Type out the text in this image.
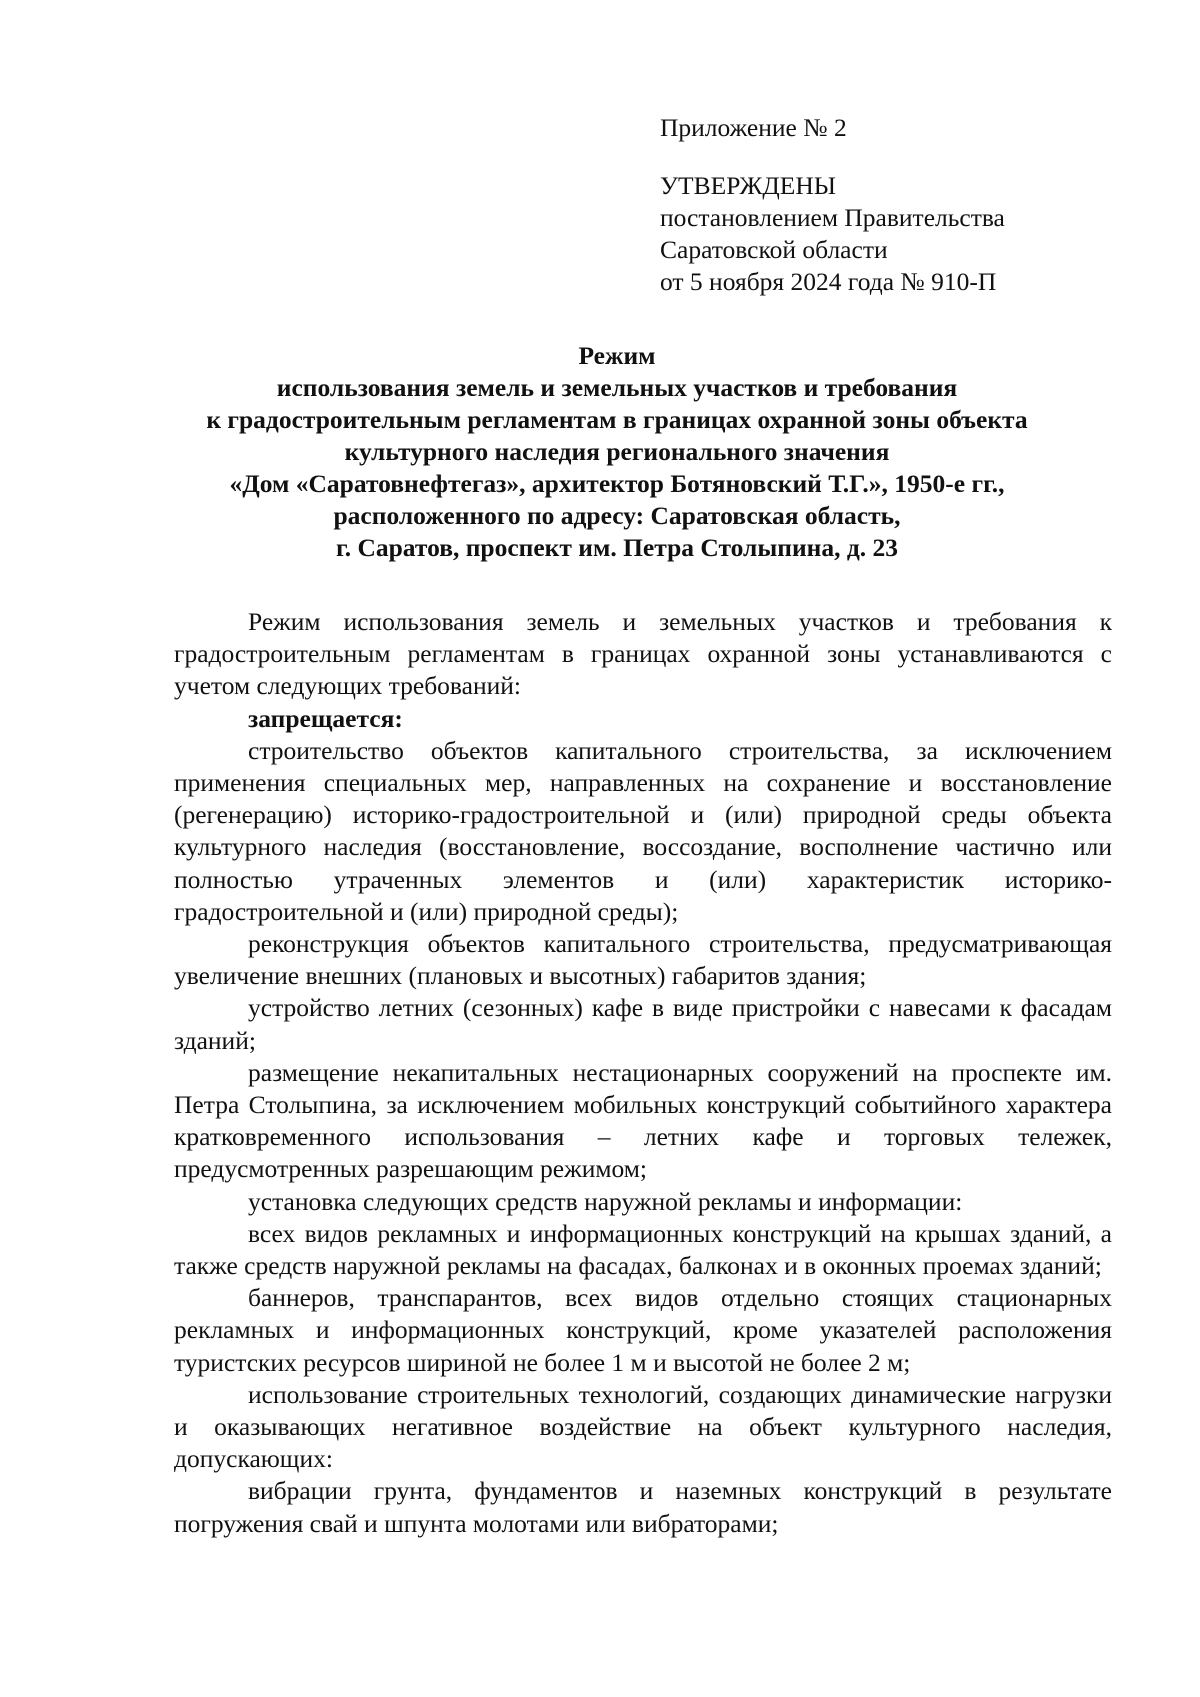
Приложение № 2
УТВЕРЖДЕНЫ
постановлением Правительства
Саратовской области
от 5 ноября 2024 года № 910-П
Режим
использования земель и земельных участков и требования
к градостроительным регламентам в границах охранной зоны объекта
культурного наследия регионального значения
«Дом «Саратовнефтегаз», архитектор Ботяновский Т.Г.», 1950-е гг.,
расположенного по адресу: Саратовская область,
г. Саратов, проспект им. Петра Столыпина, д. 23

Режим использования земель и земельных участков и требования к градостроительным регламентам в границах охранной зоны устанавливаются с учетом следующих требований:

запрещается:

строительство объектов капитального строительства, за исключением применения специальных мер, направленных на сохранение и восстановление (регенерацию) историко-градостроительной и (или) природной среды объекта культурного наследия (восстановление, воссоздание, восполнение частично или полностью утраченных элементов и (или) характеристик историко-градостроительной и (или) природной среды);

реконструкция объектов капитального строительства, предусматривающая увеличение внешних (плановых и высотных) габаритов здания;

устройство летних (сезонных) кафе в виде пристройки с навесами к фасадам зданий;

размещение некапитальных нестационарных сооружений на проспекте им. Петра Столыпина, за исключением мобильных конструкций событийного характера кратковременного использования – летних кафе и торговых тележек, предусмотренных разрешающим режимом;

установка следующих средств наружной рекламы и информации:

всех видов рекламных и информационных конструкций на крышах зданий, а также средств наружной рекламы на фасадах, балконах и в оконных проемах зданий;

баннеров, транспарантов, всех видов отдельно стоящих стационарных рекламных и информационных конструкций, кроме указателей расположения туристских ресурсов шириной не более 1 м и высотой не более 2 м;

использование строительных технологий, создающих динамические нагрузки и оказывающих негативное воздействие на объект культурного наследия, допускающих:

вибрации грунта, фундаментов и наземных конструкций в результате погружения свай и шпунта молотами или вибраторами;
